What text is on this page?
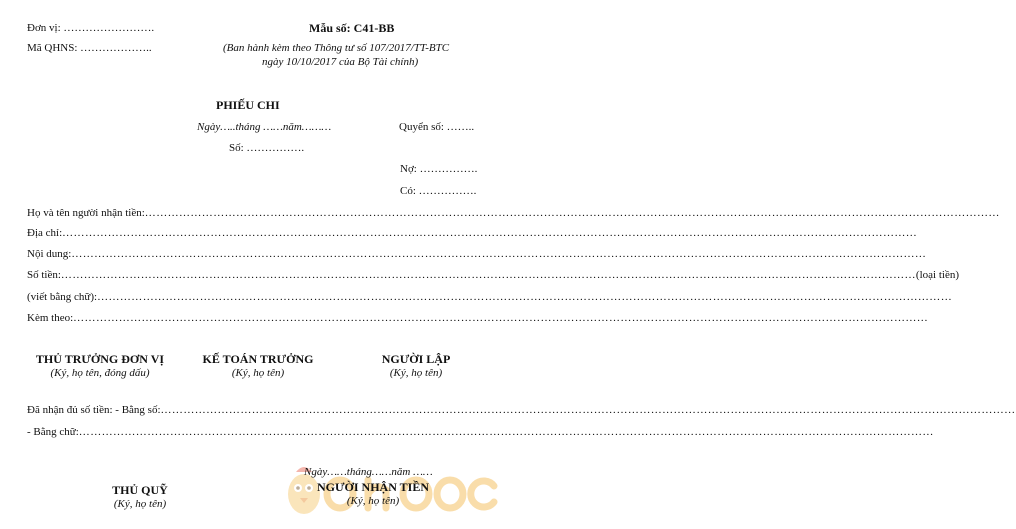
Đơn vị: …………………….
Mã QHNS: ………………..
Mẫu số: C41-BB
(Ban hành kèm theo Thông tư số 107/2017/TT-BTC
ngày 10/10/2017 của Bộ Tài chính)
PHIẾU CHI
Ngày…..tháng ……năm………	Quyển số: ……..
Số: …………….
Nợ: …………….
Có: …………….
Họ và tên người nhận tiền: ………………………………………………………………………………………………………………………………………………………………………………………………………
Địa chỉ: ………………………………………………………………………………………………………………………………………………………………………………………………………
Nội dung: ………………………………………………………………………………………………………………………………………………………………………………………………………
Số tiền: ……………………………………………………………………………………………………………………………………………………………………………………………………… (loại tiền)
(viết bằng chữ): ………………………………………………………………………………………………………………………………………………………………………………………………………
Kèm theo: ………………………………………………………………………………………………………………………………………………………………………………………………………
THỦ TRƯỞNG ĐƠN VỊ
(Ký, họ tên, đóng dấu)
KẾ TOÁN TRƯỞNG
(Ký, họ tên)
NGƯỜI LẬP
(Ký, họ tên)
Đã nhận đủ số tiền: - Bằng số: ………………………………………………………………………………………………………………………………………………………………………………………………………
- Bằng chữ: ………………………………………………………………………………………………………………………………………………………………………………………………………
Ngày……tháng……năm ……
THỦ QUỸ
(Ký, họ tên)
NGƯỜI NHẬN TIỀN
(Ký, họ tên)
